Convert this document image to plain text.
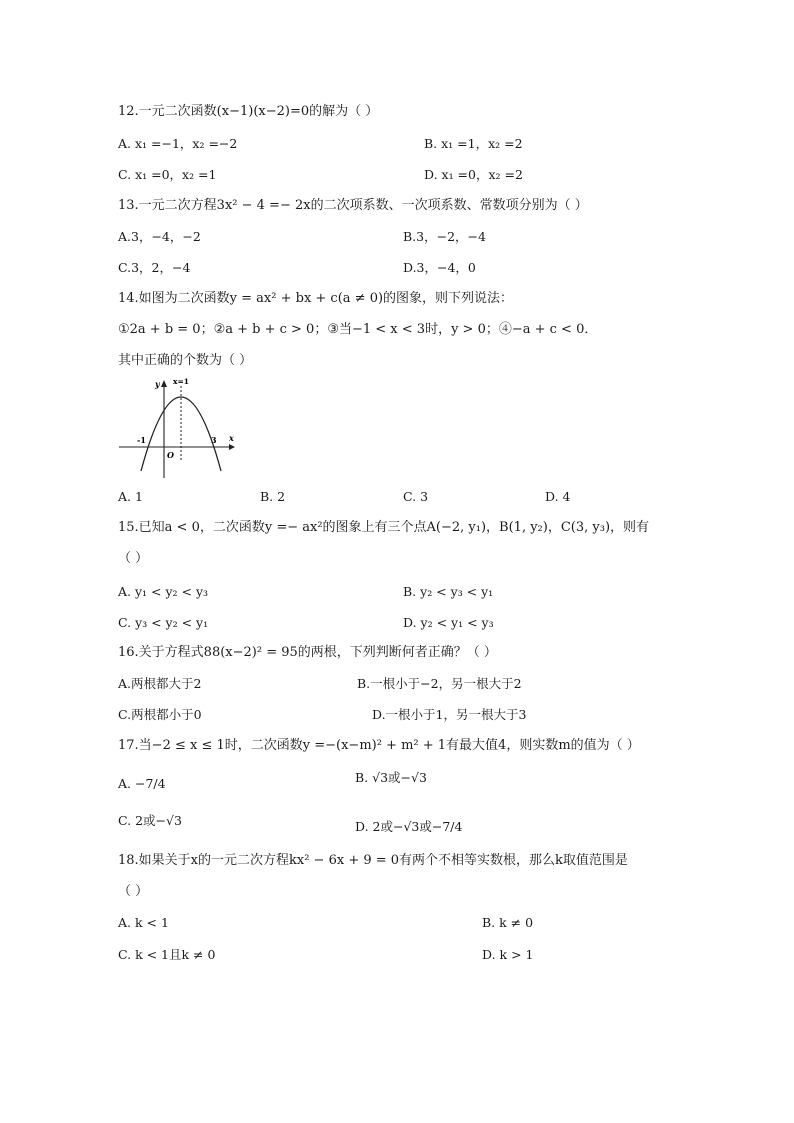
12.一元二次函数(x−1)(x−2)=0的解为（ ）
A. x₁ =−1，x₂ =−2	B. x₁ =1，x₂ =2
C. x₁ =0，x₂ =1	D. x₁ =0，x₂ =2
13.一元二次方程3x² − 4 =− 2x的二次项系数、一次项系数、常数项分别为（ ）
A.3，−4，−2	B.3，−2，−4
C.3，2，−4	D.3，−4，0
14.如图为二次函数y = ax² + bx + c(a ≠ 0)的图象，则下列说法：
①2a + b = 0；②a + b + c > 0；③当−1 < x < 3时，y > 0；④−a + c < 0．
其中正确的个数为（ ）
y x=1
x
-1
O
3
A. 1	B. 2	C. 3	D. 4
15.已知a < 0，二次函数y =− ax²的图象上有三个点A(−2, y₁)，B(1, y₂)，C(3, y₃)，则有
（ ）
A. y₁ < y₂ < y₃	B. y₂ < y₃ < y₁
C. y₃ < y₂ < y₁	D. y₂ < y₁ < y₃
16.关于方程式88(x−2)² = 95的两根，下列判断何者正确？（ ）
A.两根都大于2	B.一根小于−2，另一根大于2
C.两根都小于0	D.一根小于1，另一根大于3
17.当−2 ≤ x ≤ 1时，二次函数y =−(x−m)² + m² + 1有最大值4，则实数m的值为（ ）
A. −7/4	B. √3或−√3
C. 2或−√3	D. 2或−√3或−7/4
18.如果关于x的一元二次方程kx² − 6x + 9 = 0有两个不相等实数根，那么k取值范围是
（ ）
A. k < 1	B. k ≠ 0
C. k < 1且k ≠ 0	D. k > 1
